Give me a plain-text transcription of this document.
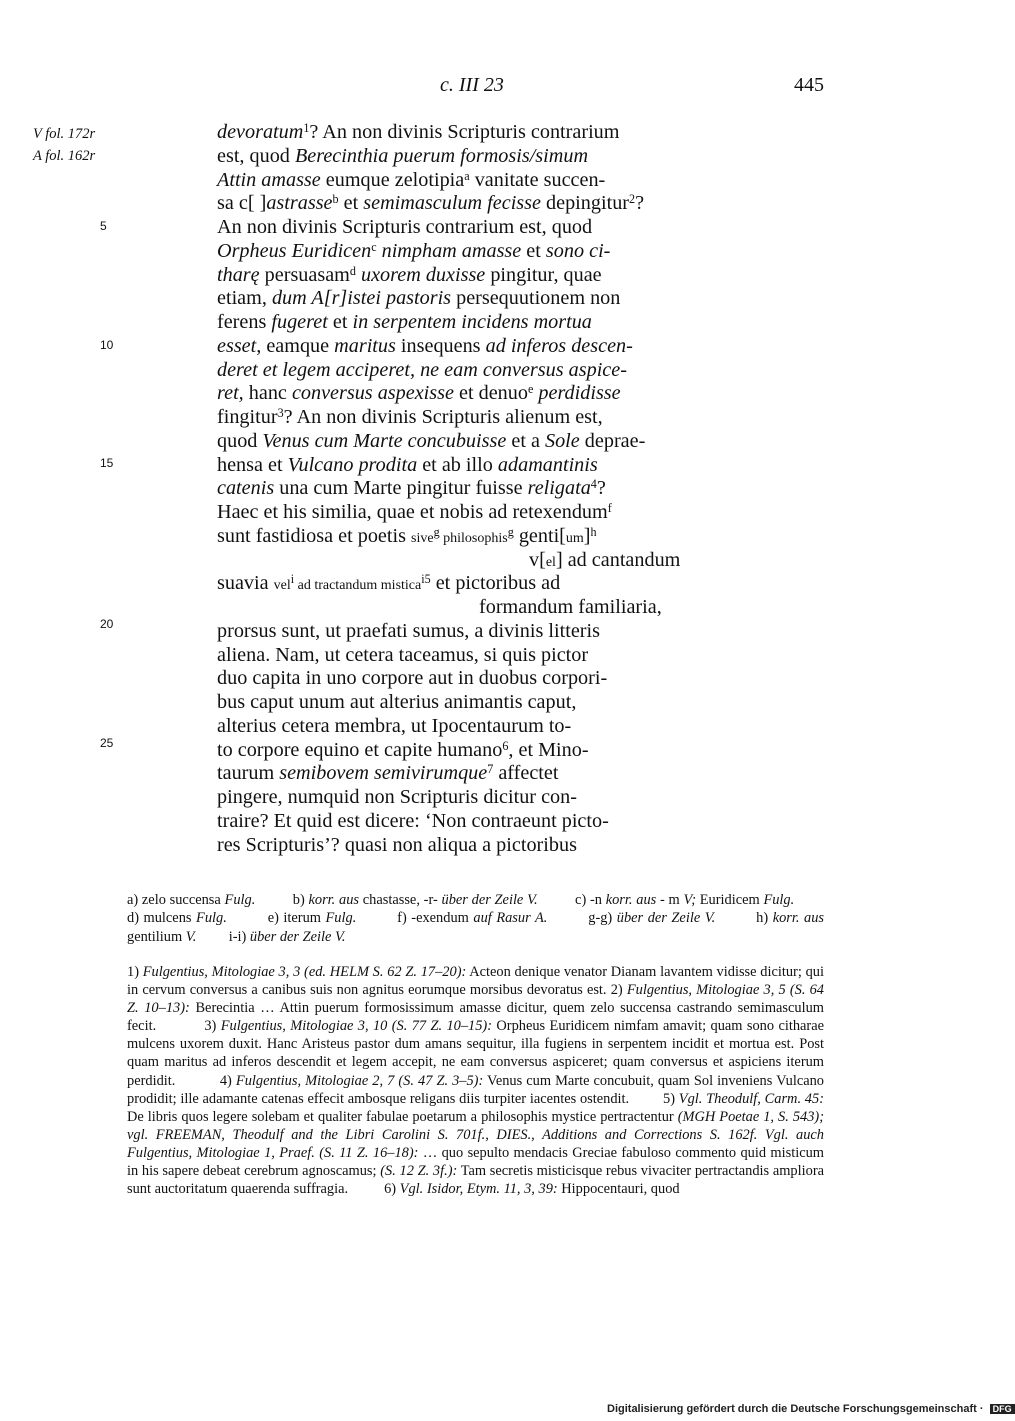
c. III 23	445
V fol. 172r
A fol. 162r
5
10
15
20
25
devoratum$^1$? An non divinis Scripturis contrarium
est, quod Berecinthia puerum formosis/simum
Attin amasse eumque zelotipia$^a$ vanitate succen-
sa c[ ]astrasse$^b$ et semimasculum fecisse depingitur$^2$?
An non divinis Scripturis contrarium est, quod
Orpheus Euridicen$^c$ nimpham amasse et sono ci-
tharę persuasam$^d$ uxorem duxisse pingitur, quae
etiam, dum A[r]istei pastoris persequutionem non
ferens fugeret et in serpentem incidens mortua
esset, eamque maritus insequens ad inferos descen-
deret et legem acciperet, ne eam conversus aspice-
ret, hanc conversus aspexisse et denuo$^e$ perdidisse
fingitur$^3$? An non divinis Scripturis alienum est,
quod Venus cum Marte concubuisse et a Sole deprae-
hensa et Vulcano prodita et ab illo adamantinis
catenis una cum Marte pingitur fuisse religata$^4$?
Haec et his similia, quae et nobis ad retexendum$^f$
sunt fastidiosa et poetis sive$^g$ philosophis$^g$ genti[um]$^h$
v[el] ad cantandum
suavia vel$^i$ ad tractandum mistica$^{i5}$ et pictoribus ad
formandum familiaria,
prorsus sunt, ut praefati sumus, a divinis litteris
aliena. Nam, ut cetera taceamus, si quis pictor
duo capita in uno corpore aut in duobus corpori-
bus caput unum aut alterius animantis caput,
alterius cetera membra, ut Ipocentaurum to-
to corpore equino et capite humano$^6$, et Mino-
taurum semibovem semivirumque$^7$ affectet
pingere, numquid non Scripturis dicitur con-
traire? Et quid est dicere: ‘Non contraeunt picto-
res Scripturis’? quasi non aliqua a pictoribus

a) zelo succensa Fulg.          b) korr. aus chastasse, -r- über der Zeile V.          c) -n korr. aus - m V; Euridicem Fulg.         d) mulcens Fulg.         e) iterum Fulg.         f) -exendum auf Rasur A.         g-g) über der Zeile V.         h) korr. aus gentilium V.         i-i) über der Zeile V.

1) Fulgentius, Mitologiae 3, 3 (ed. HELM S. 62 Z. 17–20): Acteon denique venator Dianam lavantem vidisse dicitur; qui in cervum conversus a canibus suis non agnitus eorumque morsibus devoratus est. 2) Fulgentius, Mitologiae 3, 5 (S. 64 Z. 10–13): Berecintia … Attin puerum formosissimum amasse dicitur, quem zelo succensa castrando semimasculum fecit.           3) Fulgentius, Mitologiae 3, 10 (S. 77 Z. 10–15): Orpheus Euridicem nimfam amavit; quam sono citharae mulcens uxorem duxit. Hanc Aristeus pastor dum amans sequitur, illa fugiens in serpentem incidit et mortua est. Post quam maritus ad inferos descendit et legem accepit, ne eam conversus aspiceret; quam conversus et aspiciens iterum perdidit.           4) Fulgentius, Mitologiae 2, 7 (S. 47 Z. 3–5): Venus cum Marte concubuit, quam Sol inveniens Vulcano prodidit; ille adamante catenas effecit ambosque religans diis turpiter iacentes ostendit.         5) Vgl. Theodulf, Carm. 45: De libris quos legere solebam et qualiter fabulae poetarum a philosophis mystice pertractentur (MGH Poetae 1, S. 543); vgl. FREEMAN, Theodulf and the Libri Carolini S. 701f., DIES., Additions and Corrections S. 162f. Vgl. auch Fulgentius, Mitologiae 1, Praef. (S. 11 Z. 16–18): … quo sepulto mendacis Greciae fabuloso commento quid misticum in his sapere debeat cerebrum agnoscamus; (S. 12 Z. 3f.): Tam secretis misticisque rebus vivaciter pertractandis ampliora sunt auctoritatum quaerenda suffragia.          6) Vgl. Isidor, Etym. 11, 3, 39: Hippocentauri, quod

Digitalisierung gefördert durch die Deutsche Forschungsgemeinschaft · DFG
